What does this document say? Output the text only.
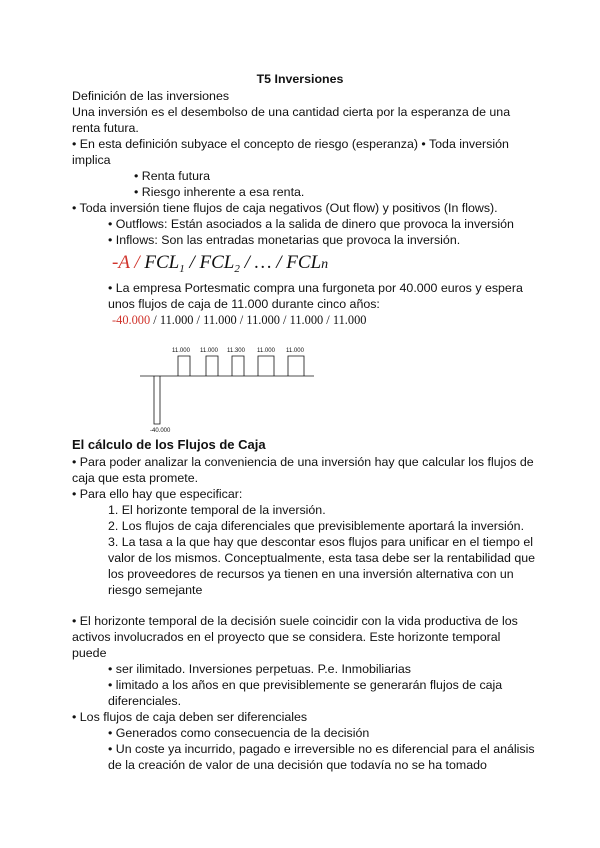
T5 Inversiones
Definición de las inversiones
Una inversión es el desembolso de una cantidad cierta por la esperanza de una
renta futura.
• En esta definición subyace el concepto de riesgo (esperanza) • Toda inversión
implica
• Renta futura
• Riesgo inherente a esa renta.
• Toda inversión tiene flujos de caja negativos (Out flow) y positivos (In flows).
• Outflows: Están asociados a la salida de dinero que provoca la inversión
• Inflows: Son las entradas monetarias que provoca la inversión.
$-A / FCL_1 / FCL_2$ / … / FCLn
• La empresa Portesmatic compra una furgoneta por 40.000 euros y espera
unos flujos de caja de 11.000 durante cinco años:
-40.000 / 11.000 / 11.000 / 11.000 / 11.000 / 11.000
-40.000
11.000 11.000 11.300 11.000 11.000
El cálculo de los Flujos de Caja
• Para poder analizar la conveniencia de una inversión hay que calcular los flujos de
caja que esta promete.
• Para ello hay que especificar:
1. El horizonte temporal de la inversión.
2. Los flujos de caja diferenciales que previsiblemente aportará la inversión.
3. La tasa a la que hay que descontar esos flujos para unificar en el tiempo el
valor de los mismos. Conceptualmente, esta tasa debe ser la rentabilidad que
los proveedores de recursos ya tienen en una inversión alternativa con un
riesgo semejante
• El horizonte temporal de la decisión suele coincidir con la vida productiva de los
activos involucrados en el proyecto que se considera. Este horizonte temporal
puede
• ser ilimitado. Inversiones perpetuas. P.e. Inmobiliarias
• limitado a los años en que previsiblemente se generarán flujos de caja
diferenciales.
• Los flujos de caja deben ser diferenciales
• Generados como consecuencia de la decisión
• Un coste ya incurrido, pagado e irreversible no es diferencial para el análisis
de la creación de valor de una decisión que todavía no se ha tomado
